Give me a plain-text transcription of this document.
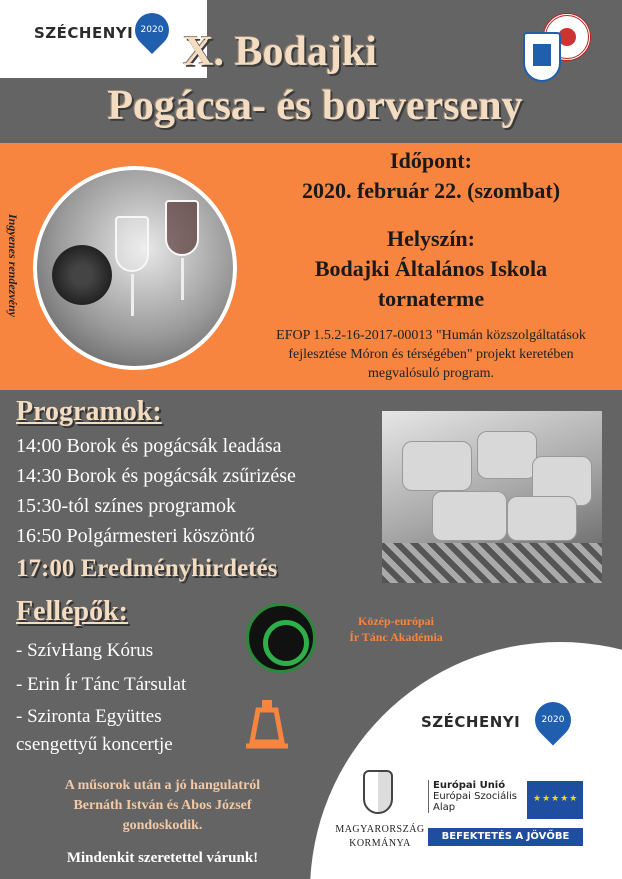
SZÉCHENYI 2020 X. Bodajki
Pogácsa- és borverseny
Ingyenes rendezvény
Időpont:
2020. február 22. (szombat)
Helyszín:
Bodajki Általános Iskola
tornaterme
EFOP 1.5.2-16-2017-00013 "Humán közszolgáltatások
fejlesztése Móron és térségében" projekt keretében
megvalósuló program.
Programok:
14:00 Borok és pogácsák leadása
14:30 Borok és pogácsák zsűrizése
15:30-tól színes programok
16:50 Polgármesteri köszöntő
17:00 Eredményhirdetés
Fellépők:
- SzívHang Kórus
- Erin Ír Tánc Társulat
- Szironta Együttes
csengettyű koncertje
Közép-európai
Ír Tánc Akadémia
SZÉCHENYI	2020
MAGYARORSZÁG
KORMÁNYA
Európai Unió
Európai Szociális
Alap
★★★★★
BEFEKTETÉS A JÖVŐBE
A műsorok után a jó hangulatról
Bernáth István és Abos József
gondoskodik.
Mindenkit szeretettel várunk!
